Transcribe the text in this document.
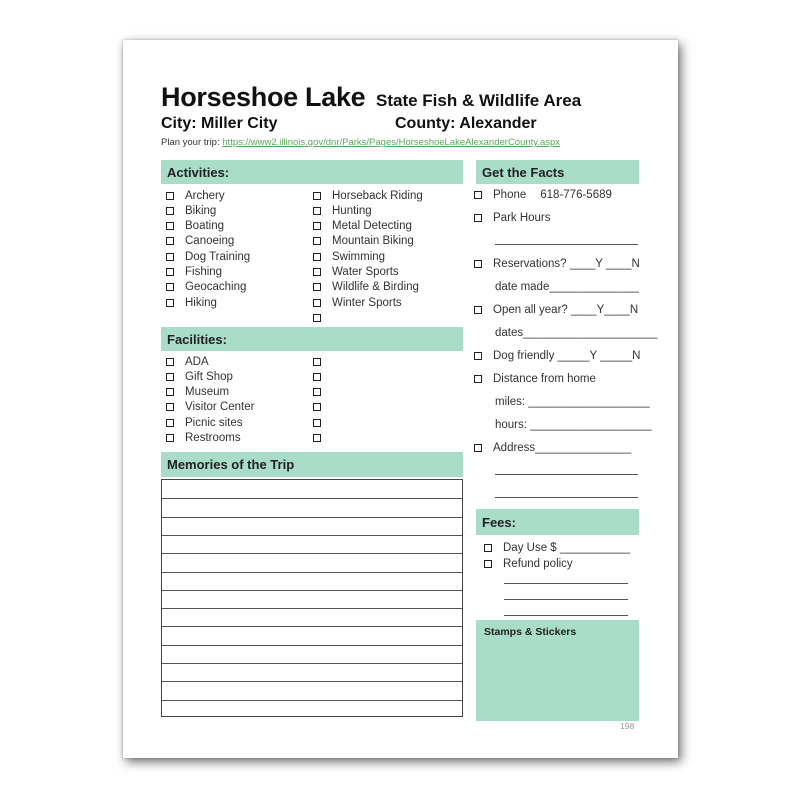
Horseshoe Lake State Fish & Wildlife Area
City: Miller City	County: Alexander
Plan your trip: https://www2.illinois.gov/dnr/Parks/Pages/HorseshoeLakeAlexanderCounty.aspx
Activities:
Archery
Biking
Boating
Canoeing
Dog Training
Fishing
Geocaching
Hiking
Horseback Riding
Hunting
Metal Detecting
Mountain Biking
Swimming
Water Sports
Wildlife & Birding
Winter Sports
Facilities:
ADA
Gift Shop
Museum
Visitor Center
Picnic sites
Restrooms
Memories of the Trip
Get the Facts
Phone 618-776-5689
Park Hours
Reservations? ____Y ____N
date made______________
Open all year? ____Y____N
dates_____________________
Dog friendly _____Y _____N
Distance from home
miles: ___________________
hours: ___________________
Address_______________
Fees:
Day Use $ ___________
Refund policy
Stamps & Stickers
198
